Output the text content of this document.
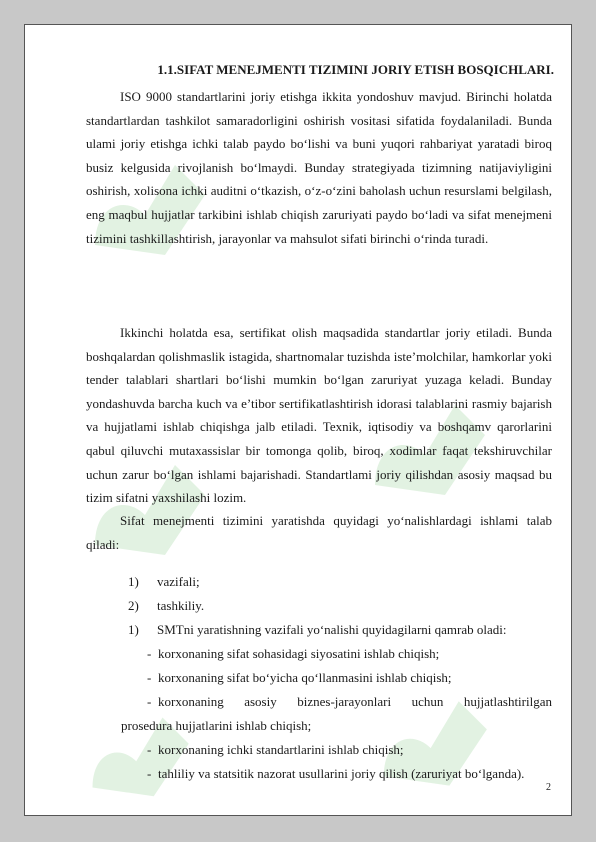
1.1.SIFAT MENEJMENTI TIZIMINI JORIY ETISH BOSQICHLARI.

ISO 9000 standartlarini joriy etishga ikkita yondoshuv mavjud. Birinchi holatda standartlardan tashkilot samaradorligini oshirish vositasi sifatida foydalaniladi. Bunda ulami joriy etishga ichki talab paydo bo‘lishi va buni yuqori rahbariyat yaratadi biroq busiz kelgusida rivojlanish bo‘lmaydi. Bunday strategiyada tizimning natijaviyligini oshirish, xolisona ichki auditni o‘tkazish, o‘z-o‘zini baholash uchun resurslami belgilash, eng maqbul hujjatlar tarkibini ishlab chiqish zaruriyati paydo bo‘ladi va sifat menejmeni tizimini tashkillashtirish, jarayonlar va mahsulot sifati birinchi o‘rinda turadi.

Ikkinchi holatda esa, sertifikat olish maqsadida standartlar joriy etiladi. Bunda boshqalardan qolishmaslik istagida, shartnomalar tuzishda iste’molchilar, hamkorlar yoki tender talablari shartlari bo‘lishi mumkin bo‘lgan zaruriyat yuzaga keladi. Bunday yondashuvda barcha kuch va e’tibor sertifikatlashtirish idorasi talablarini rasmiy bajarish va hujjatlami ishlab chiqishga jalb etiladi. Texnik, iqtisodiy va boshqamv qarorlarini qabul qiluvchi mutaxassislar bir tomonga qolib, biroq, xodimlar faqat tekshiruvchilar uchun zarur bo‘lgan ishlami bajarishadi. Standartlami joriy qilishdan asosiy maqsad bu tizim sifatni yaxshilashi lozim.

Sifat menejmenti tizimini yaratishda quyidagi yo‘nalishlardagi ishlami talab qiladi:

1) vazifali;
2) tashkiliy.
1) SMTni yaratishning vazifali yo‘nalishi quyidagilarni qamrab oladi:
- korxonaning sifat sohasidagi siyosatini ishlab chiqish;
- korxonaning sifat bo‘yicha qo‘llanmasini ishlab chiqish;
- korxonaning asosiy biznes-jarayonlari uchun hujjatlashtirilgan
prosedura hujjatlarini ishlab chiqish;
- korxonaning ichki standartlarini ishlab chiqish;
- tahliliy va statsitik nazorat usullarini joriy qilish (zaruriyat bo‘lganda).
2
